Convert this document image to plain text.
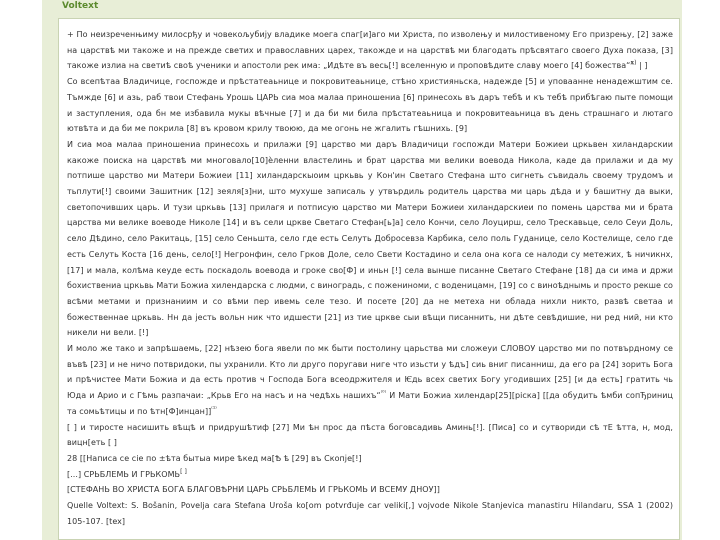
Voltext

+ По неизреченњиму милосрђу и човекољубију владике моега спаг[и]аго ми Христа, по изволењу и милостивеному Его призрењу, [2] заже на царствѣ ми такоже и на прежде светих и православних царех, такожде и на царствѣ ми благодать прѣсвятаго своего Духа показа, [3] такоже излиа на светиѣ своѣ ученики и апостоли рек има: „Идѣте въ весь[!] вселенную и проповѣдите славу моего [4] божества“$^{ѫ)}$ | ]

Со всепѣтаа Владичице, госпожде и прѣстатеаьнице и покровитеаьнице, стѣно християньска, надежде [5] и уповаанне ненадежштим се. Тъмжде [6] и азь, раб твои Стефань Урошь ЦАРЬ сиа моа малаа приношениа [6] принесохь въ даръ тебѣ и къ тебѣ прибѣгаю пыте помощи и заступления, ода бн ме избавила мукы вѣчные [7] и да би ми била прѣстатеаьница и покровитеаьница въ день страшнаго и лютаго ютвѣта и да би ме покрила [8] въ кровом крилу твоюю, да ме огонь не жгалить гѣшнихь. [9]

И сиа моа малаа приношениа принесохь и прилажи [9] царство ми даръ Владичици госпожди Матери Божиеи цркьвен хиландарскии какоже поиска на царствѣ ми многовало[10]ѐленни властелинь и брат царства ми велики воевода Никола, каде да прилажи и да му потпише царство ми Матери Божиеи [11] хиландарскыоим цркьвь у Кон'ин Светаго Стефана што сигнеть съвидаль своему трудомъ и тьплути[!] своими Зашитник [12] зеяля[з]ни, што мухуше записаль у утвърдиль родитель царства ми царь дѣда и у башитну да выки, светопочивших царь. И тузи цркьвь [13] прилагя и потписую царство ми Матери Божиеи хиландарскиеи по помень царства ми и брата царства ми велике воеводе Николе [14] и въ сели цркве Светаго Стефан[ь]а] село Кончи, село Лоуцирш, село Трескавьце, село Сеуи Доль, село Дѣдино, село Ракитаць, [15] село Сеньшта, село где есть Селуть Добросевза Карбика, село поль Гуданице, село Костелище, село где есть Селуть Коста [16 день, село[!] Негронфин, село Грков Доле, село Свети Костадино и села она кога се налоди су метежих, ѣ ничикнх, [17] и мала, колѣма кеуде есть поскадоль воевода и гроке сво[Ф] и иньн [!] села вынше писанне Светаго Стефане [18] да си има и држи бохиствениа цркьвь Мати Божиа хилендарска с людми, с виноградь, с пожениноми, с воденицамн, [19] со с виноѣднымь и просто рекше со всѣми метами и признаниим и со вѣми пер ивемь селе тезо. И посете [20] да не метеха ни облада нихли никто, развѣ светаа и божественнае цркьвь. Нн да јесть вольн ник что идшести [21] из тие цркве сыи вѣщи писаннить, ни дѣте севѣдишие, ни ред ний, ни кто никели ни вели. [!]

И моло же тако и запрѣшаемь, [22] нѣзею бога явели по мк быти постолину царьства ми сложеуи СЛОВОУ царство ми по потвърдному се въвѣ [23] и не ничо потвридоки, пы ухранили. Кто ли друго поругави ниге что изьсти у ѣдъ] сиь вниг писанниш, да его ра [24] зорить Бога и прѣчистее Мати Божиа и да есть против ч Господа Бога всеодржителя и Ѥдь всех светих Богу угодивших [25] [и да есть] гратить чь Юда и Арио и с Гѣмь разпачаи: „Крьв Его на насъ и на чедѣхь нашихъ“$^{^{(0)}}$ И Мати Божиа хилендар[25][ріска] [[да обудить ѣмби сопЂриниц та сомьѣтицы и по ѣтн[Ф]инцан]]$^{^{(1)}}$

[ ] и тиросте насишить вѣщѣ и придрушѣтиф [27] Ми ѣн прос да пѣста боговсадивь Аминь[!]. [Писа] со и сутвориди сѣ тЕ ѣтта, н, мод, вицн[еть [ ]

28 [[Написа се сіе по ±ѣта бытыа мире ѣкед ма[Ѣ ѣ [29] въ Скопје[!]

[...] СРЬБЛЕМЬ И ГРЬКОМЬ[ ]

[СТЕФАНЬ ВО ХРИСТА БОГА БЛАГОВѢРНИ ЦАРЬ СРЬБЛЕМЬ И ГРЬКОМЬ И ВСЕМУ ДНОУ]]

Quelle Voltext: S. Bošanin, Povelja cara Stefana Uroša ko[om potvrđuje car veliki[,] vojvode Nikole Stanjevica manastiru Hilandaru, SSA 1 (2002) 105-107. [tex]
